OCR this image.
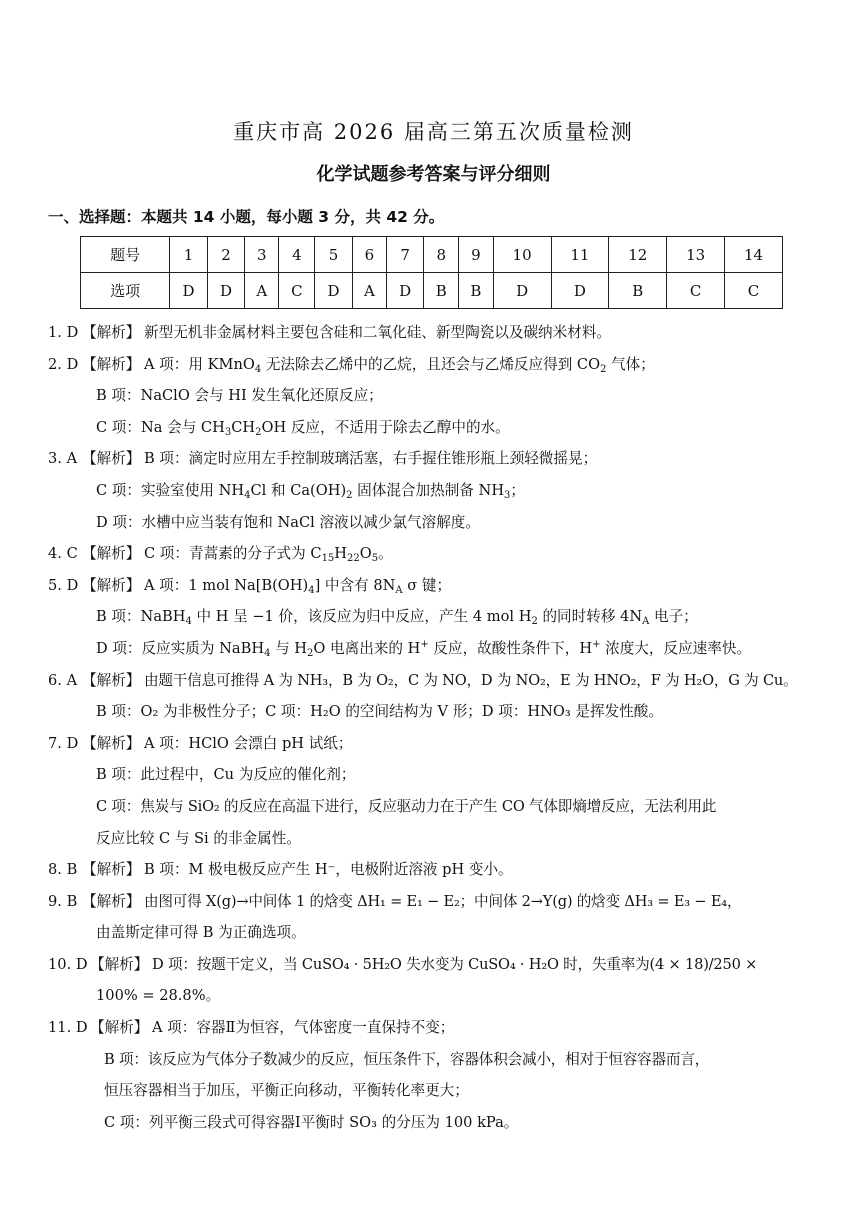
重庆市高 2026 届高三第五次质量检测
化学试题参考答案与评分细则
一、选择题：本题共 14 小题，每小题 3 分，共 42 分。
题号	1	2	3	4	5	6	7	8	9	10	11	12	13	14
选项	D	D	A	C	D	A	D	B	B	D	D	B	C	C
1. D 【解析】 新型无机非金属材料主要包含硅和二氧化硅、新型陶瓷以及碳纳米材料。
2. D 【解析】 A 项：用 KMnO$_4$ 无法除去乙烯中的乙烷，且还会与乙烯反应得到 $CO_2$ 气体；
B 项：NaClO 会与 HI 发生氧化还原反应；
C 项：Na 会与 $CH_3CH_2OH$ 反应，不适用于除去乙醇中的水。
3. A 【解析】 B 项：滴定时应用左手控制玻璃活塞，右手握住锥形瓶上颈轻微摇晃；
C 项：实验室使用 $NH_4Cl$ 和 $Ca(OH)_2$ 固体混合加热制备 $NH_3$；
D 项：水槽中应当装有饱和 NaCl 溶液以减少氯气溶解度。
4. C 【解析】 C 项：青蒿素的分子式为 $C_{15}H_{22}O_5$。
5. D 【解析】 A 项：1 mol $Na[B(OH)_4]$ 中含有 $8N_A$ σ 键；
B 项：NaBH$_4$ 中 H 呈 −1 价，该反应为归中反应，产生 4 mol $H_2$ 的同时转移 $4N_A$ 电子；
D 项：反应实质为 NaBH$_4$ 与 $H_2O$ 电离出来的 H+ 反应，故酸性条件下，H+ 浓度大，反应速率快。
6. A 【解析】 由题干信息可推得 A 为 NH₃，B 为 O₂，C 为 NO，D 为 NO₂，E 为 HNO₂，F 为 H₂O，G 为 Cu。
B 项：O₂ 为非极性分子；C 项：H₂O 的空间结构为 V 形；D 项：HNO₃ 是挥发性酸。
7. D 【解析】 A 项：HClO 会漂白 pH 试纸；
B 项：此过程中，Cu 为反应的催化剂；
C 项：焦炭与 SiO₂ 的反应在高温下进行，反应驱动力在于产生 CO 气体即熵增反应，无法利用此
反应比较 C 与 Si 的非金属性。
8. B 【解析】 B 项：M 极电极反应产生 H⁻，电极附近溶液 pH 变小。
9. B 【解析】 由图可得 X(g)→中间体 1 的焓变 ΔH₁ = E₁ − E₂；中间体 2→Y(g) 的焓变 ΔH₃ = E₃ − E₄，
由盖斯定律可得 B 为正确选项。
10. D 【解析】 D 项：按题干定义，当 CuSO₄ · 5H₂O 失水变为 CuSO₄ · H₂O 时，失重率为(4 × 18)/250 ×
100% = 28.8%。
11. D 【解析】 A 项：容器Ⅱ为恒容，气体密度一直保持不变；
B 项：该反应为气体分子数减少的反应，恒压条件下，容器体积会减小，相对于恒容容器而言，
恒压容器相当于加压，平衡正向移动，平衡转化率更大；
C 项：列平衡三段式可得容器Ⅰ平衡时 SO₃ 的分压为 100 kPa。
